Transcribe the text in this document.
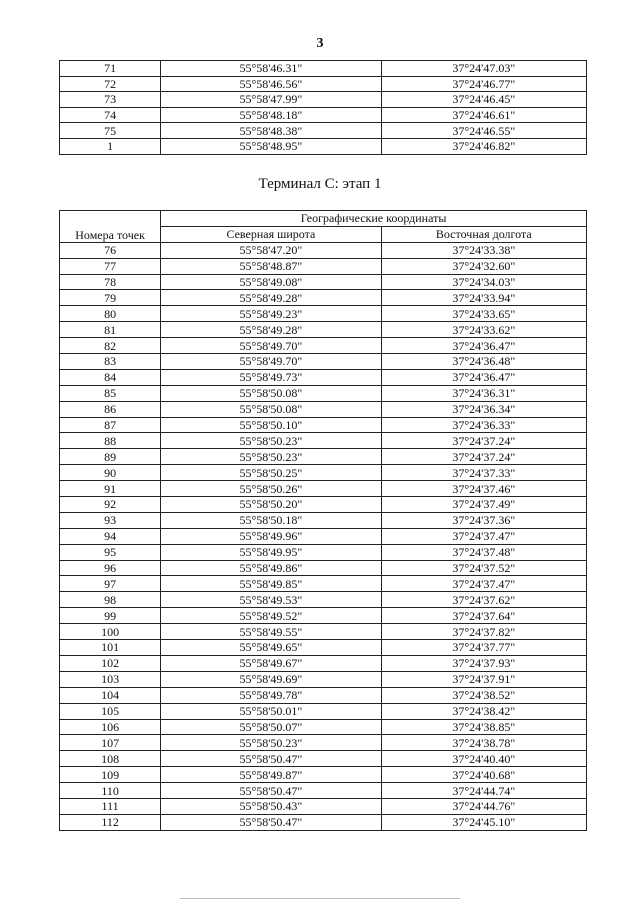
3
71	55°58'46.31"	37°24'47.03"
72	55°58'46.56"	37°24'46.77"
73	55°58'47.99"	37°24'46.45"
74	55°58'48.18"	37°24'46.61"
75	55°58'48.38"	37°24'46.55"
1	55°58'48.95"	37°24'46.82"
Терминал С: этап 1
Номера точек	Географические координаты	
	Северная широта	Восточная долгота
76	55°58'47.20"	37°24'33.38"
77	55°58'48.87"	37°24'32.60"
78	55°58'49.08"	37°24'34.03"
79	55°58'49.28"	37°24'33.94"
80	55°58'49.23"	37°24'33.65"
81	55°58'49.28"	37°24'33.62"
82	55°58'49.70"	37°24'36.47"
83	55°58'49.70"	37°24'36.48"
84	55°58'49.73"	37°24'36.47"
85	55°58'50.08"	37°24'36.31"
86	55°58'50.08"	37°24'36.34"
87	55°58'50.10"	37°24'36.33"
88	55°58'50.23"	37°24'37.24"
89	55°58'50.23"	37°24'37.24"
90	55°58'50.25"	37°24'37.33"
91	55°58'50.26"	37°24'37.46"
92	55°58'50.20"	37°24'37.49"
93	55°58'50.18"	37°24'37.36"
94	55°58'49.96"	37°24'37.47"
95	55°58'49.95"	37°24'37.48"
96	55°58'49.86"	37°24'37.52"
97	55°58'49.85"	37°24'37.47"
98	55°58'49.53"	37°24'37.62"
99	55°58'49.52"	37°24'37.64"
100	55°58'49.55"	37°24'37.82"
101	55°58'49.65"	37°24'37.77"
102	55°58'49.67"	37°24'37.93"
103	55°58'49.69"	37°24'37.91"
104	55°58'49.78"	37°24'38.52"
105	55°58'50.01"	37°24'38.42"
106	55°58'50.07"	37°24'38.85"
107	55°58'50.23"	37°24'38.78"
108	55°58'50.47"	37°24'40.40"
109	55°58'49.87"	37°24'40.68"
110	55°58'50.47"	37°24'44.74"
111	55°58'50.43"	37°24'44.76"
112	55°58'50.47"	37°24'45.10"
